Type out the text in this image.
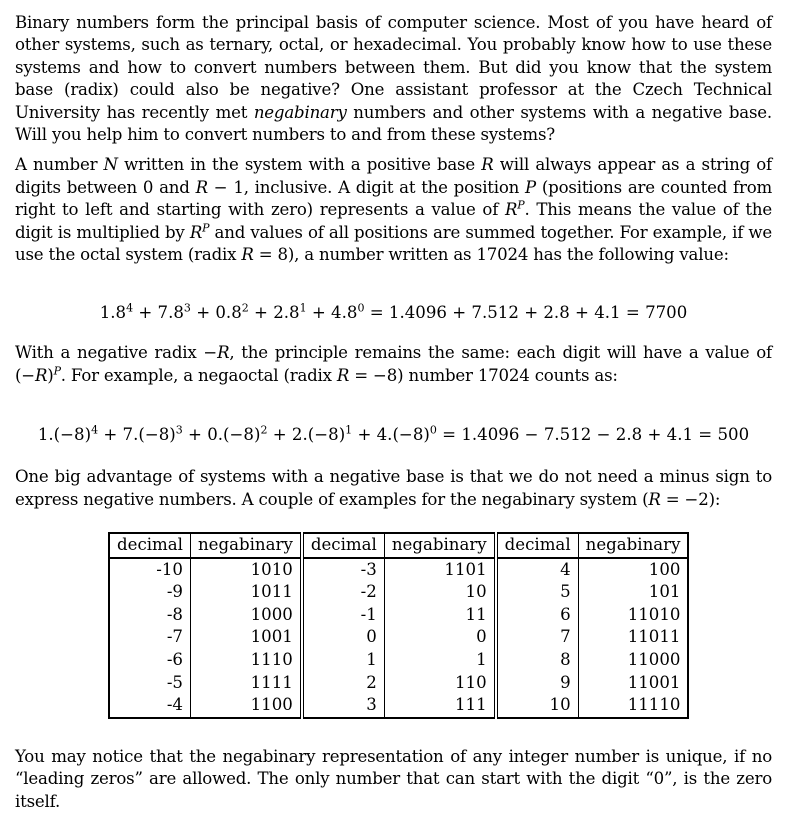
Binary numbers form the principal basis of computer science. Most of you have heard of other systems, such as ternary, octal, or hexadecimal. You probably know how to use these systems and how to convert numbers between them. But did you know that the system base (radix) could also be negative? One assistant professor at the Czech Technical University has recently met negabinary numbers and other systems with a negative base. Will you help him to convert numbers to and from these systems?

A number N written in the system with a positive base R will always appear as a string of digits between 0 and R − 1, inclusive. A digit at the position P (positions are counted from right to left and starting with zero) represents a value of $R^P$. This means the value of the digit is multiplied by $R^P$ and values of all positions are summed together. For example, if we use the octal system (radix R = 8), a number written as 17024 has the following value:

$1.8^4 + 7.8^3 + 0.8^2 + 2.8^1 + 4.8^0 = 1.4096 + 7.512 + 2.8 + 4.1 = 7700$

With a negative radix −R, the principle remains the same: each digit will have a value of $(-R)^P$. For example, a negaoctal (radix R = −8) number 17024 counts as:

$1.(-8)^4 + 7.(-8)^3 + 0.(-8)^2 + 2.(-8)^1 + 4.(-8)^0 = 1.4096 - 7.512 - 2.8 + 4.1 = 500$

One big advantage of systems with a negative base is that we do not need a minus sign to express negative numbers. A couple of examples for the negabinary system (R = −2):

decimal	negabinary	decimal	negabinary	decimal	negabinary
-10	1010	-3	1101	4	100
-9	1011	-2	10	5	101
-8	1000	-1	11	6	11010
-7	1001	0	0	7	11011
-6	1110	1	1	8	11000
-5	1111	2	110	9	11001
-4	1100	3	111	10	11110

You may notice that the negabinary representation of any integer number is unique, if no “leading zeros” are allowed. The only number that can start with the digit “0”, is the zero itself.
